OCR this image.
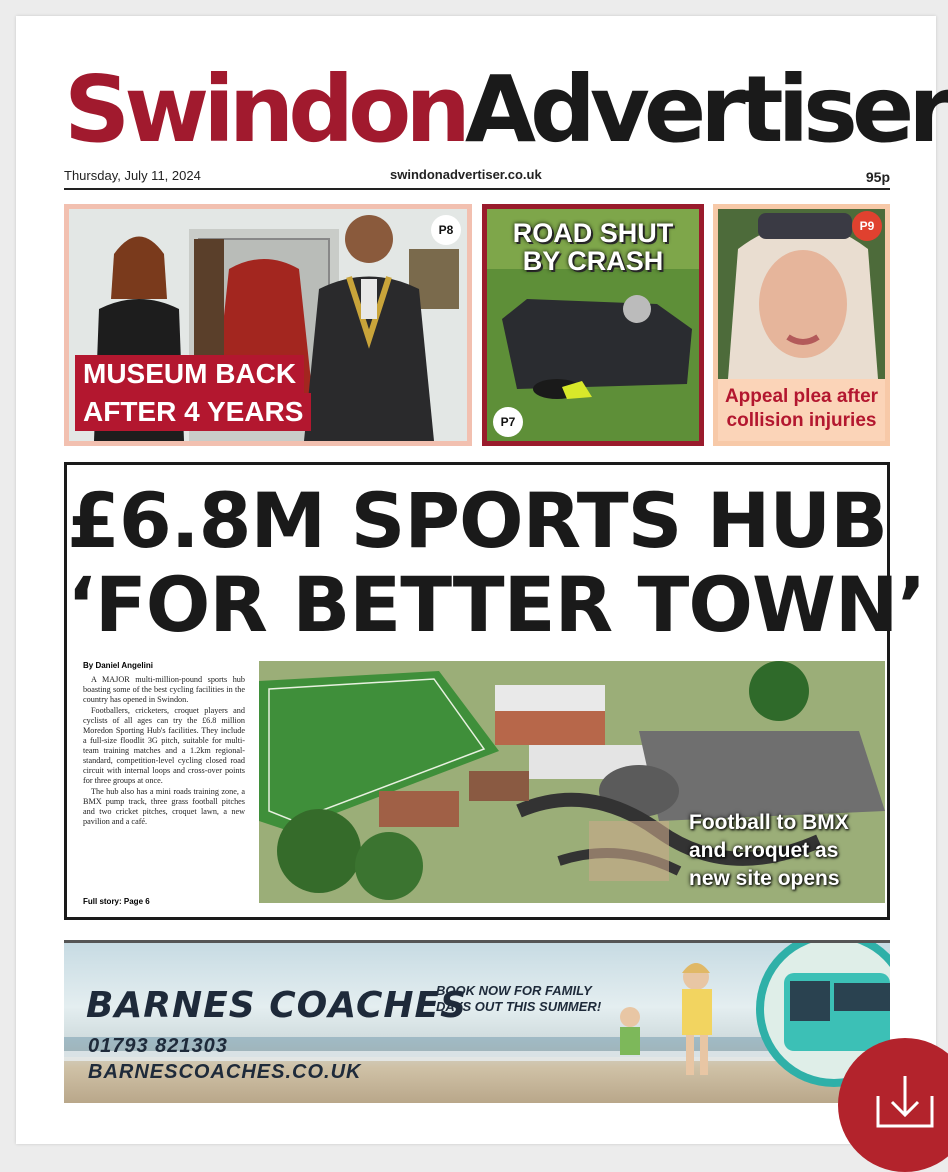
SwindonAdvertiser
Thursday, July 11, 2024	swindonadvertiser.co.uk	95p
P8
MUSEUM BACK
AFTER 4 YEARS
ROAD SHUT
BY CRASH
P7
P9
Appeal plea after
collision injuries
£6.8M SPORTS HUB
‘FOR BETTER TOWN’
By Daniel Angelini

A MAJOR multi-million-pound sports hub boasting some of the best cycling facilities in the country has opened in Swindon.

Footballers, cricketers, croquet players and cyclists of all ages can try the £6.8 million Moredon Sporting Hub's facilities. They include a full-size floodlit 3G pitch, suitable for multi-team training matches and a 1.2km regional-standard, competition-level cycling closed road circuit with internal loops and cross-over points for three groups at once.

The hub also has a mini roads training zone, a BMX pump track, three grass football pitches and two cricket pitches, croquet lawn, a new pavilion and a café.

Full story: Page 6
Football to BMX
and croquet as
new site opens
BARNES COACHES
BOOK NOW FOR FAMILY
DAYS OUT THIS SUMMER!
01793 821303
BARNESCOACHES.CO.UK
